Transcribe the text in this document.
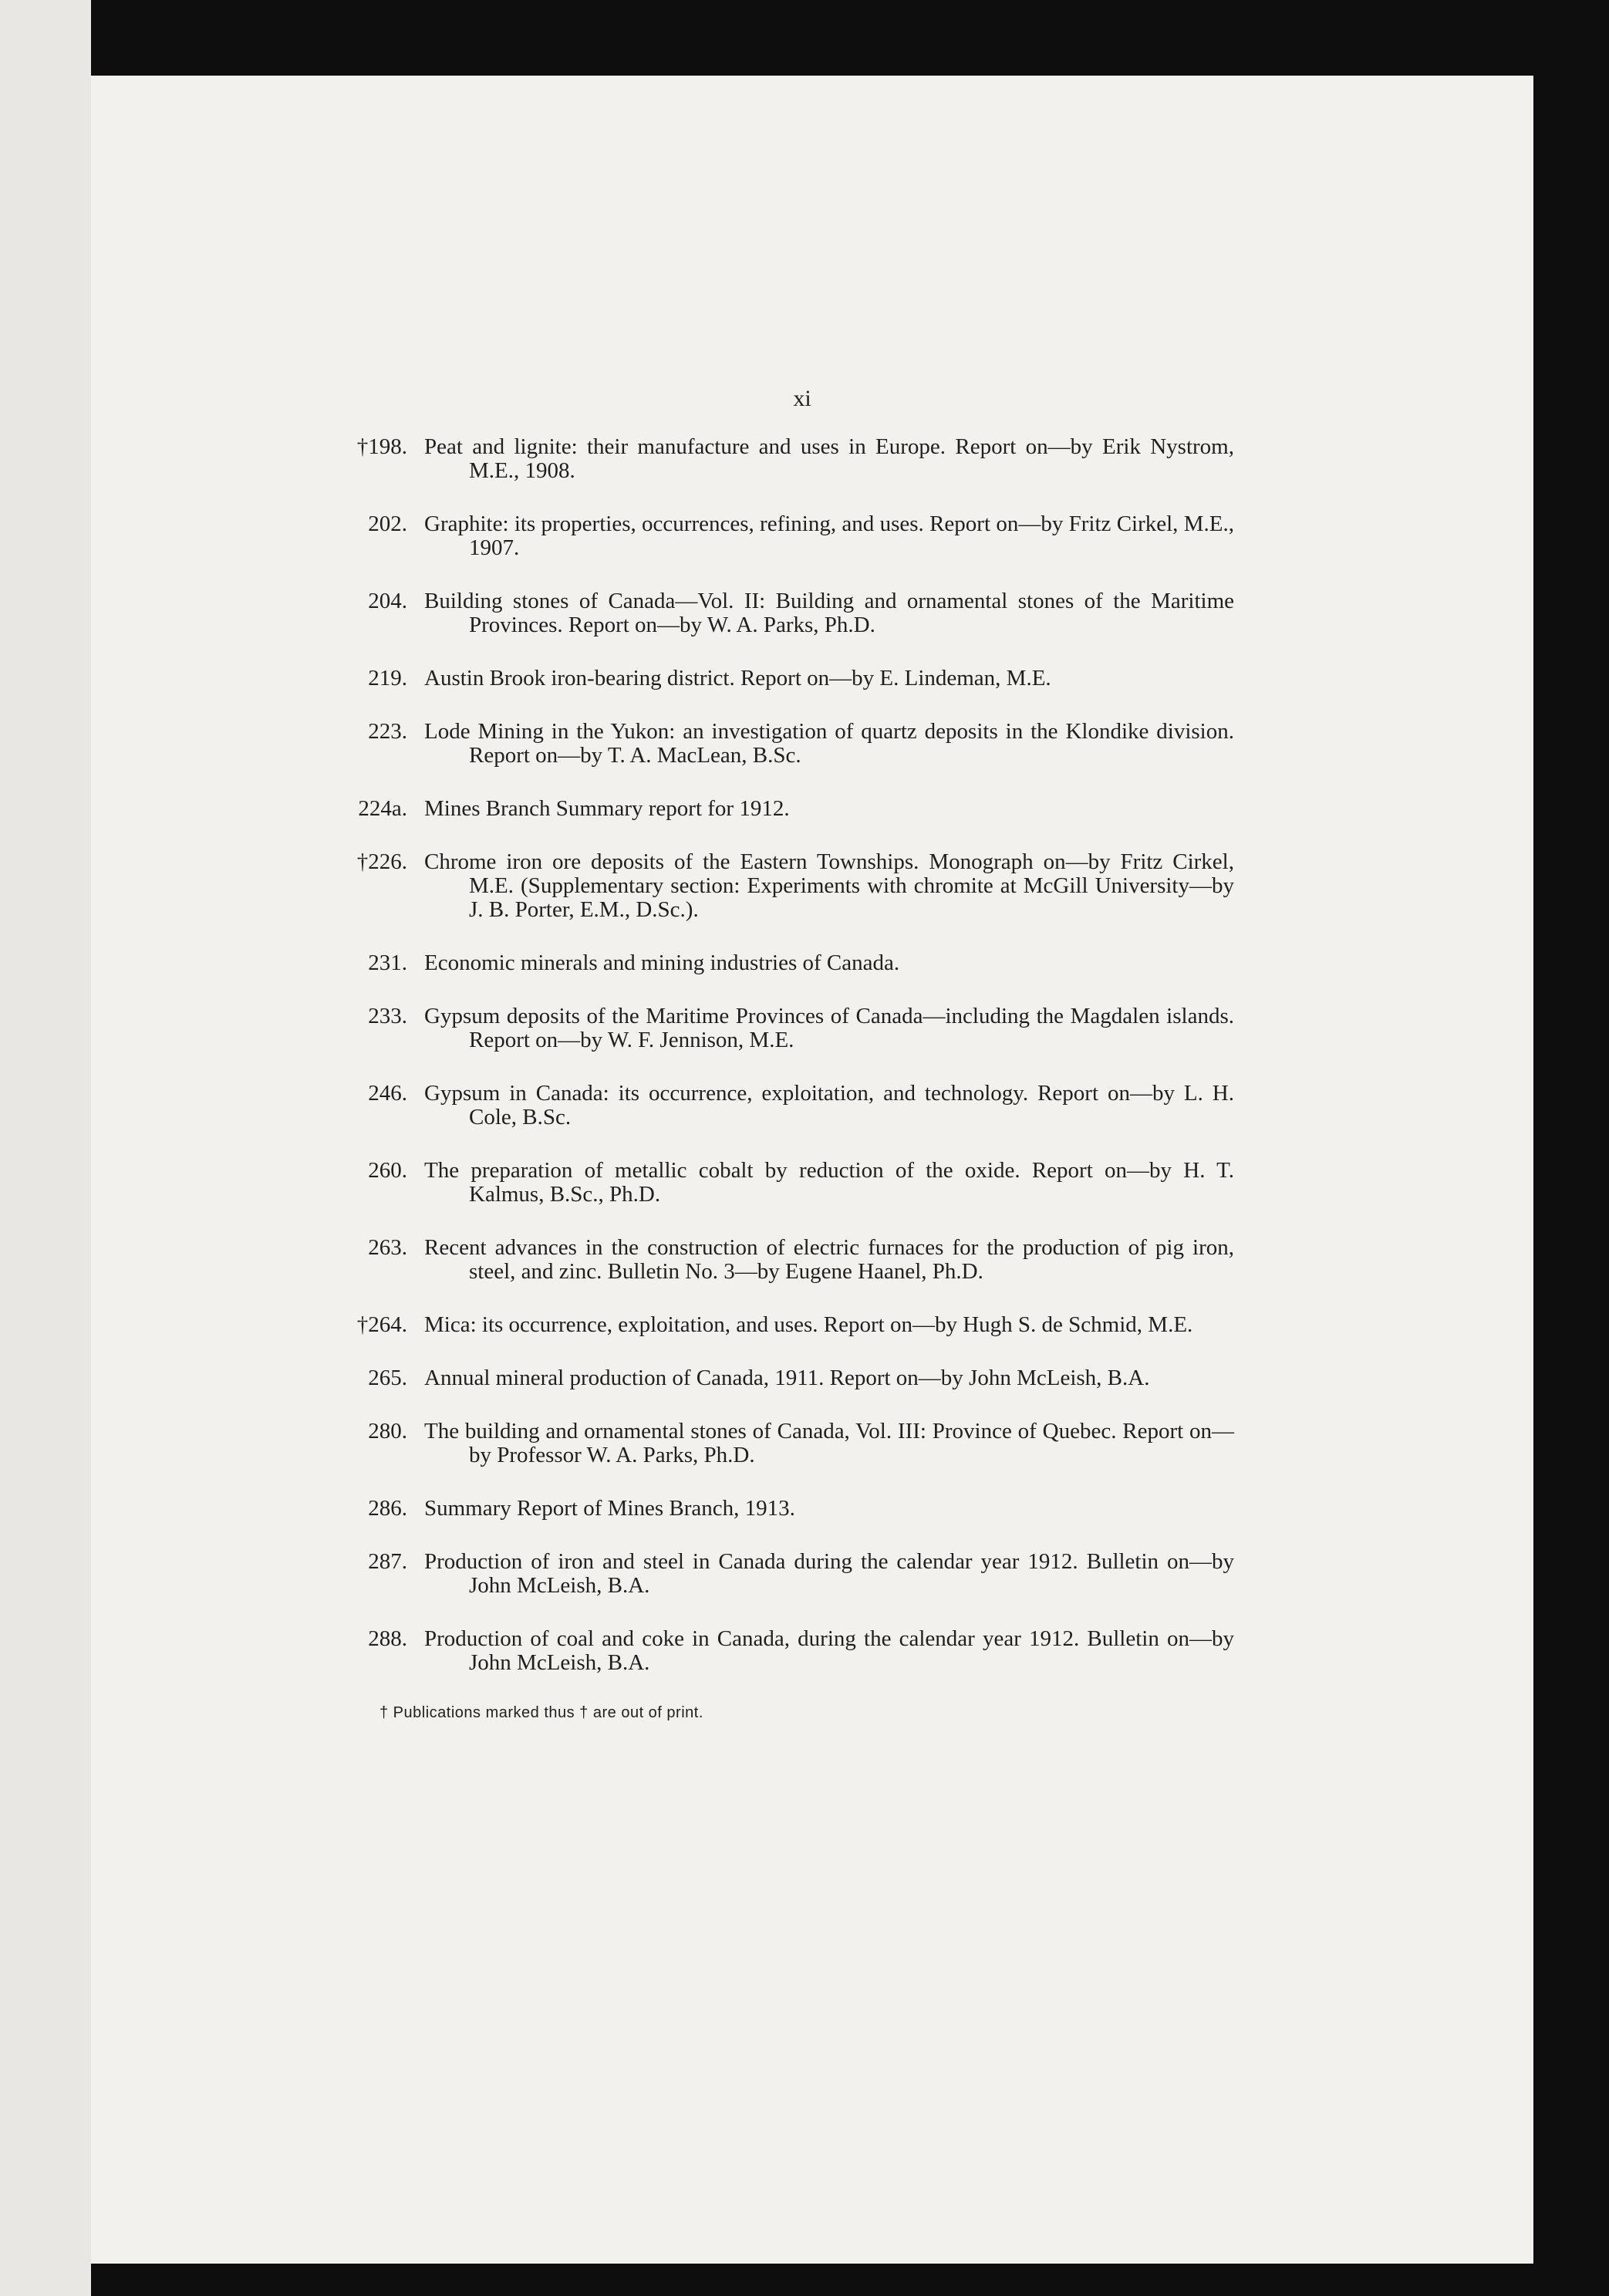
xi
†198. Peat and lignite: their manufacture and uses in Europe. Report on—by Erik Nystrom, M.E., 1908.
202. Graphite: its properties, occurrences, refining, and uses. Report on—by Fritz Cirkel, M.E., 1907.
204. Building stones of Canada—Vol. II: Building and ornamental stones of the Maritime Provinces. Report on—by W. A. Parks, Ph.D.
219. Austin Brook iron-bearing district. Report on—by E. Lindeman, M.E.
223. Lode Mining in the Yukon: an investigation of quartz deposits in the Klondike division. Report on—by T. A. MacLean, B.Sc.
224a. Mines Branch Summary report for 1912.
†226. Chrome iron ore deposits of the Eastern Townships. Monograph on—by Fritz Cirkel, M.E. (Supplementary section: Experiments with chromite at McGill University—by J. B. Porter, E.M., D.Sc.).
231. Economic minerals and mining industries of Canada.
233. Gypsum deposits of the Maritime Provinces of Canada—including the Magdalen islands. Report on—by W. F. Jennison, M.E.
246. Gypsum in Canada: its occurrence, exploitation, and technology. Report on—by L. H. Cole, B.Sc.
260. The preparation of metallic cobalt by reduction of the oxide. Report on—by H. T. Kalmus, B.Sc., Ph.D.
263. Recent advances in the construction of electric furnaces for the production of pig iron, steel, and zinc. Bulletin No. 3—by Eugene Haanel, Ph.D.
†264. Mica: its occurrence, exploitation, and uses. Report on—by Hugh S. de Schmid, M.E.
265. Annual mineral production of Canada, 1911. Report on—by John McLeish, B.A.
280. The building and ornamental stones of Canada, Vol. III: Province of Quebec. Report on—by Professor W. A. Parks, Ph.D.
286. Summary Report of Mines Branch, 1913.
287. Production of iron and steel in Canada during the calendar year 1912. Bulletin on—by John McLeish, B.A.
288. Production of coal and coke in Canada, during the calendar year 1912. Bulletin on—by John McLeish, B.A.
† Publications marked thus † are out of print.
